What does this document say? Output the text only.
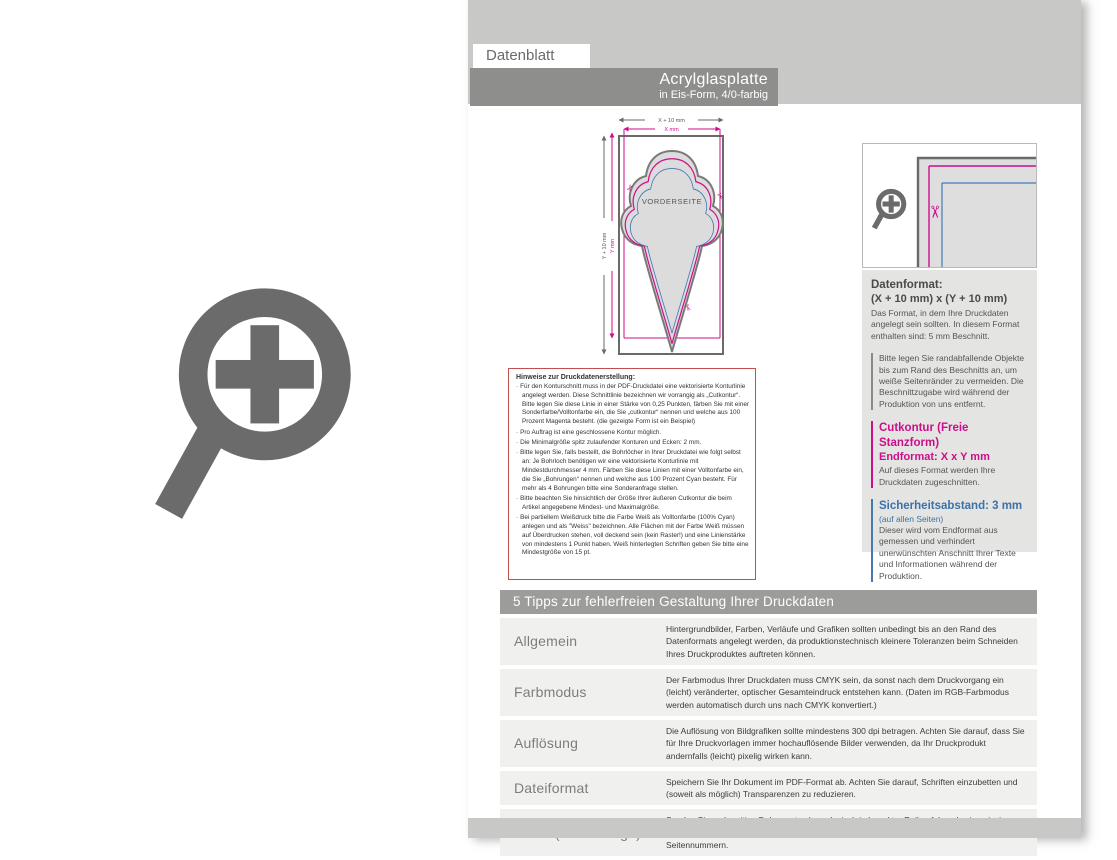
Datenblatt
Acrylglasplatte
in Eis-Form, 4/0-farbig
X + 10 mm
X mm
Y + 10 mm Y mm
VORDERSEITE
✂
✂
✂
Hinweise zur Druckdatenerstellung:
· Für den Konturschnitt muss in der PDF-Druckdatei eine vektorisierte Konturlinie angelegt werden. Diese Schnittlinie bezeichnen wir vorrangig als „Cutkontur“. Bitte legen Sie diese Linie in einer Stärke von 0,25 Punkten, färben Sie mit einer Sonderfarbe/Volltonfarbe ein, die Sie „cutkontur“ nennen und welche aus 100 Prozent Magenta besteht. (die gezeigte Form ist ein Beispiel)
· Pro Auftrag ist eine geschlossene Kontur möglich.
· Die Minimalgröße spitz zulaufender Konturen und Ecken: 2 mm.
· Bitte legen Sie, falls bestellt, die Bohrlöcher in Ihrer Druckdatei wie folgt selbst an: Je Bohrloch benötigen wir eine vektorisierte Konturlinie mit Mindestdurchmesser 4 mm. Färben Sie diese Linien mit einer Volltonfarbe ein, die Sie „Bohrungen“ nennen und welche aus 100 Prozent Cyan besteht. Für mehr als 4 Bohrungen bitte eine Sonderanfrage stellen.
· Bitte beachten Sie hinsichtlich der Größe Ihrer äußeren Cutkontur die beim Artikel angegebene Mindest- und Maximalgröße.
· Bei partiellem Weißdruck bitte die Farbe Weiß als Volltonfarbe (100% Cyan) anlegen und als "Weiss" bezeichnen. Alle Flächen mit der Farbe Weiß müssen auf Überdrucken stehen, voll deckend sein (kein Raster!) und eine Linienstärke von mindestens 1 Punkt haben. Weiß hinterlegten Schriften geben Sie bitte eine Mindestgröße von 15 pt.
✂
Datenformat:
(X + 10 mm) x (Y + 10 mm)
Das Format, in dem Ihre Druckdaten angelegt sein sollten. In diesem Format enthalten sind: 5 mm Beschnitt.
Bitte legen Sie randabfallende Objekte bis zum Rand des Beschnitts an, um weiße Seitenränder zu vermeiden. Die Beschnittzugabe wird während der Produktion von uns entfernt.
Cutkontur (Freie Stanzform)
Endformat: X x Y mm
Auf dieses Format werden Ihre Druckdaten zugeschnitten.
Sicherheitsabstand: 3 mm
(auf allen Seiten)
Dieser wird vom Endformat aus gemessen und verhindert unerwünschten Anschnitt Ihrer Texte und Informationen während der Produktion.
5 Tipps zur fehlerfreien Gestaltung Ihrer Druckdaten
Allgemein
Hintergrundbilder, Farben, Verläufe und Grafiken sollten unbedingt bis an den Rand des Datenformats angelegt werden, da produktionstechnisch kleinere Toleranzen beim Schneiden Ihres Druckproduktes auftreten können.
Farbmodus
Der Farbmodus Ihrer Druckdaten muss CMYK sein, da sonst nach dem Druckvorgang ein (leicht) veränderter, optischer Gesamteindruck entstehen kann. (Daten im RGB-Farbmodus werden automatisch durch uns nach CMYK konvertiert.)
Auflösung
Die Auflösung von Bildgrafiken sollte mindestens 300 dpi betragen. Achten Sie darauf, dass Sie für Ihre Druckvorlagen immer hochauflösende Bilder verwenden, da Ihr Druckprodukt andernfalls (leicht) pixelig wirken kann.
Dateiformat	Speichern Sie Ihr Dokument im PDF-Format ab. Achten Sie darauf, Schriften einzubetten und (soweit als möglich) Transparenzen zu reduzieren.
Seitennummern.
